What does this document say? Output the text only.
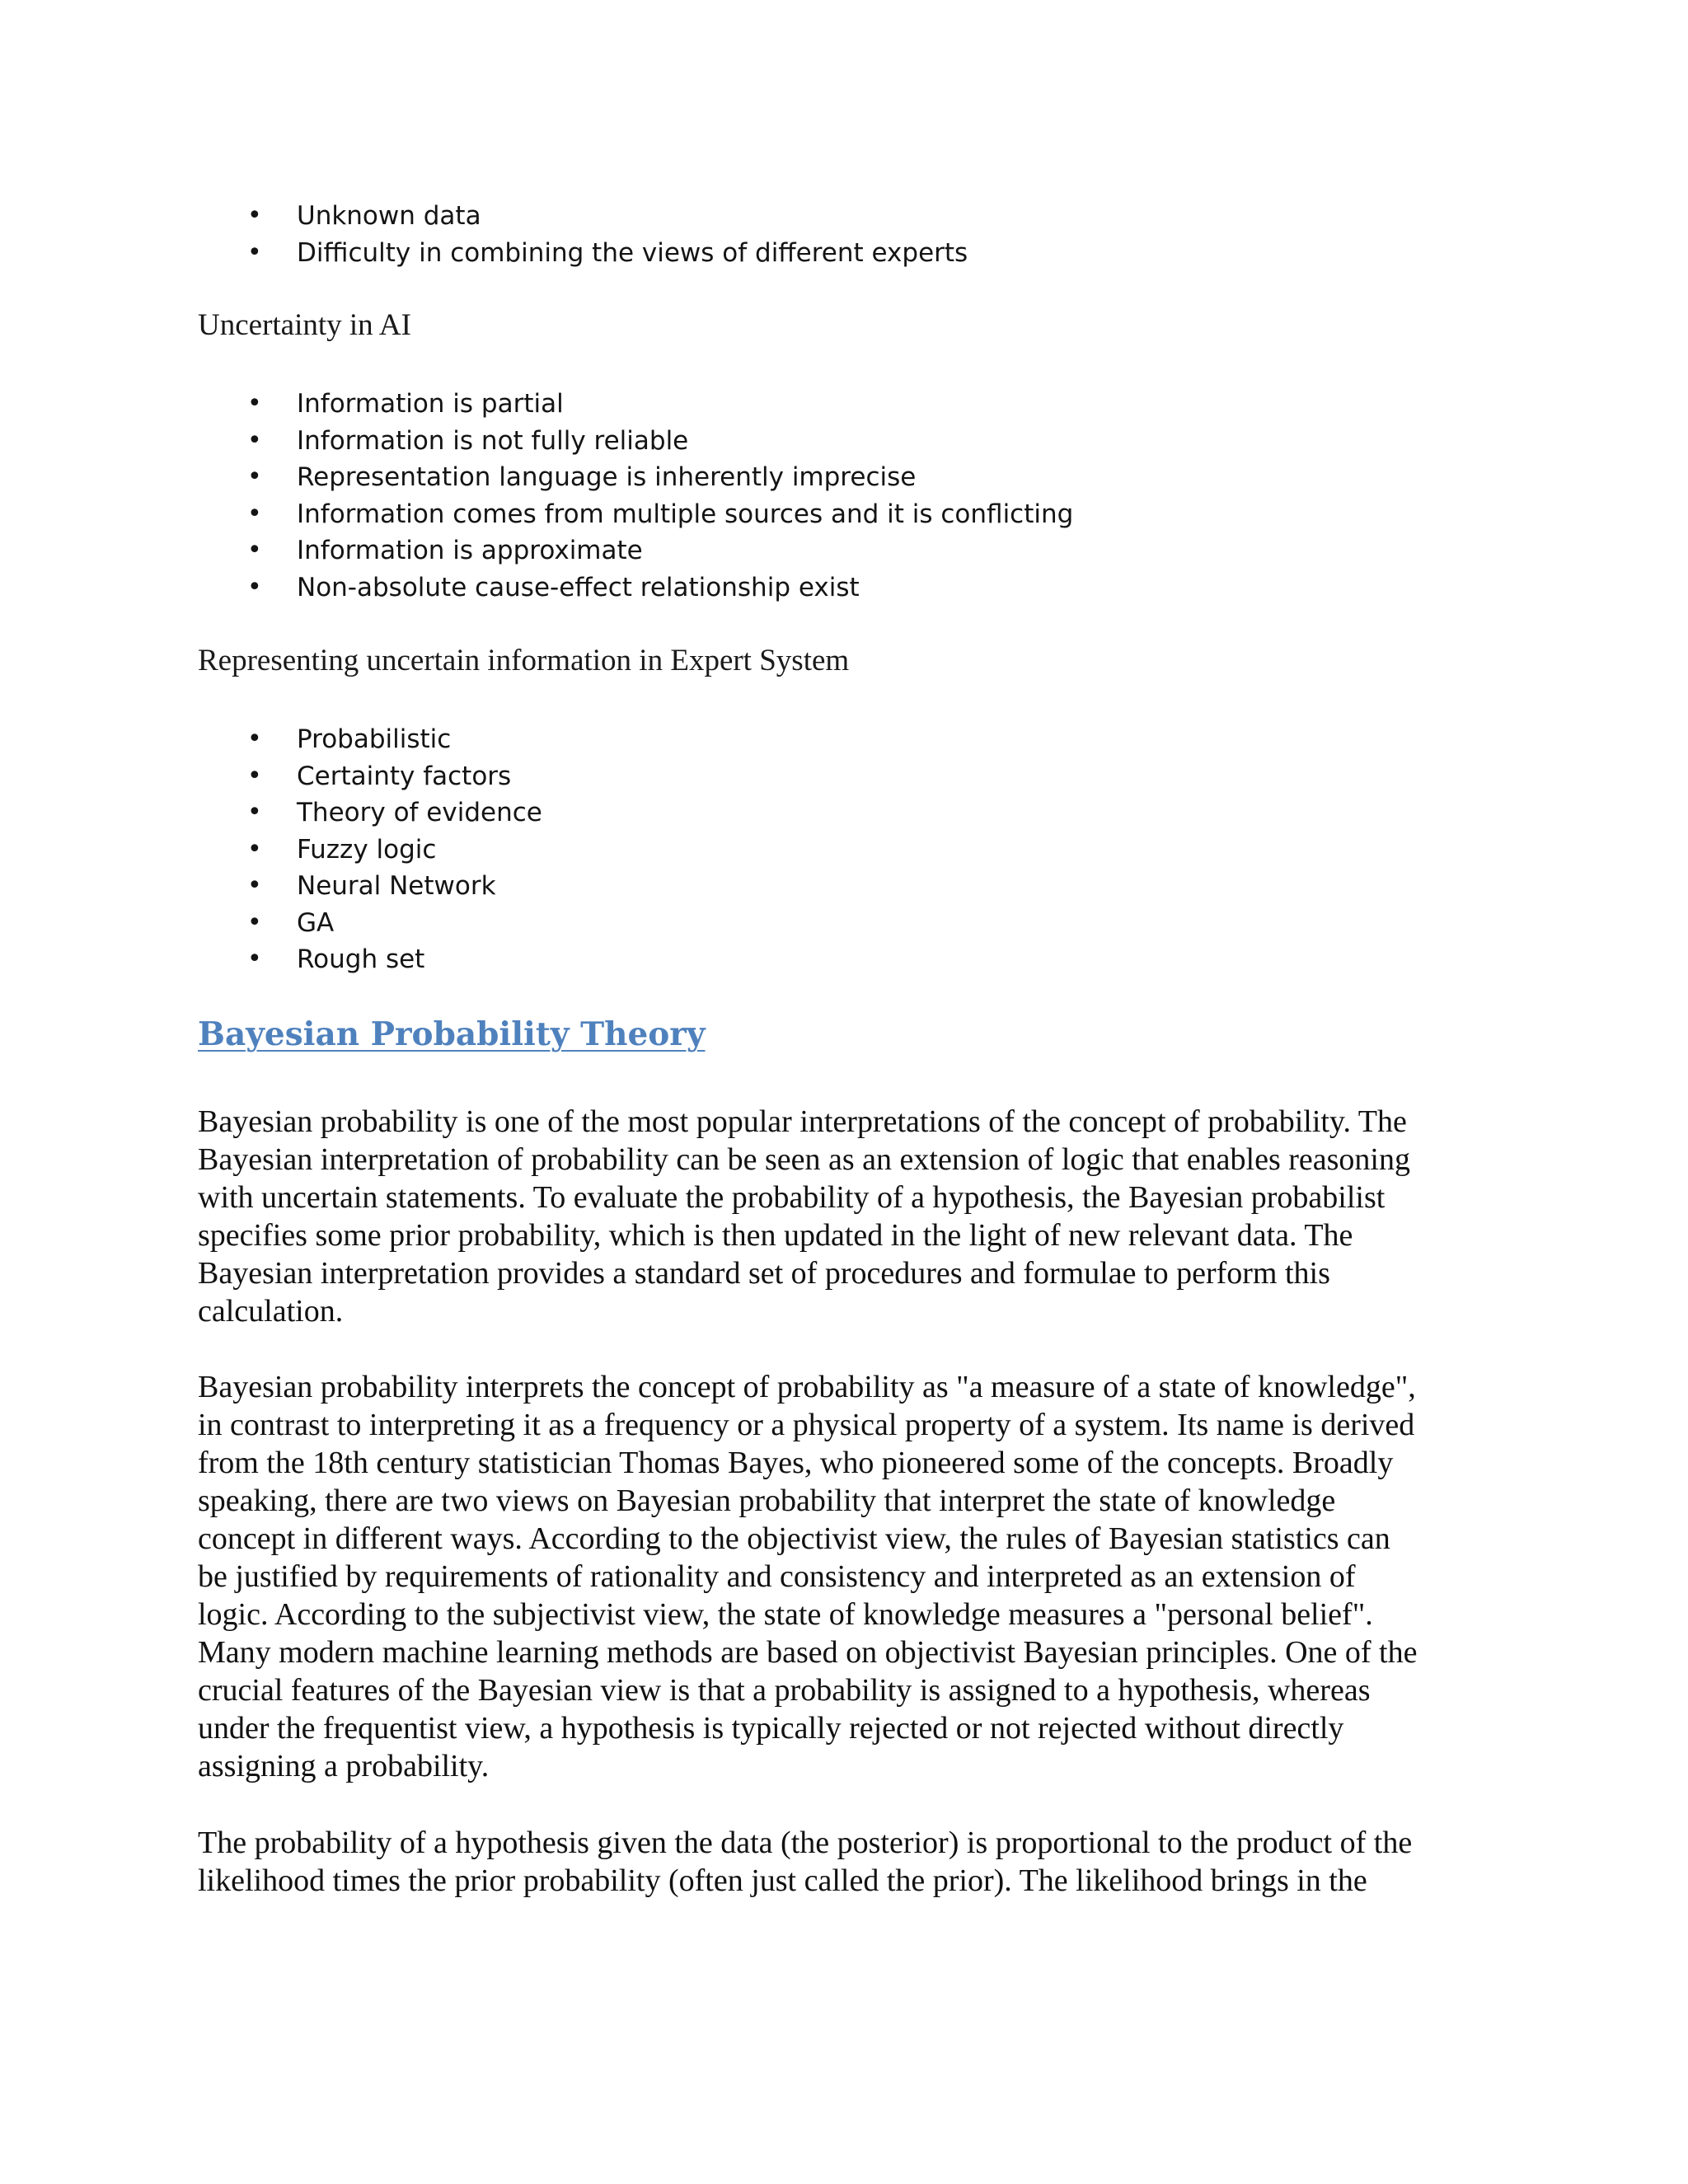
• Unknown data
• Difficulty in combining the views of different experts

Uncertainty in AI

• Information is partial
• Information is not fully reliable
• Representation language is inherently imprecise
• Information comes from multiple sources and it is conflicting
• Information is approximate
• Non-absolute cause-effect relationship exist

Representing uncertain information in Expert System

• Probabilistic
• Certainty factors
• Theory of evidence
• Fuzzy logic
• Neural Network
• GA
• Rough set
Bayesian Probability Theory

Bayesian probability is one of the most popular interpretations of the concept of probability. The
Bayesian interpretation of probability can be seen as an extension of logic that enables reasoning
with uncertain statements. To evaluate the probability of a hypothesis, the Bayesian probabilist
specifies some prior probability, which is then updated in the light of new relevant data. The
Bayesian interpretation provides a standard set of procedures and formulae to perform this
calculation.

Bayesian probability interprets the concept of probability as "a measure of a state of knowledge",
in contrast to interpreting it as a frequency or a physical property of a system. Its name is derived
from the 18th century statistician Thomas Bayes, who pioneered some of the concepts. Broadly
speaking, there are two views on Bayesian probability that interpret the state of knowledge
concept in different ways. According to the objectivist view, the rules of Bayesian statistics can
be justified by requirements of rationality and consistency and interpreted as an extension of
logic. According to the subjectivist view, the state of knowledge measures a "personal belief".
Many modern machine learning methods are based on objectivist Bayesian principles. One of the
crucial features of the Bayesian view is that a probability is assigned to a hypothesis, whereas
under the frequentist view, a hypothesis is typically rejected or not rejected without directly
assigning a probability.

The probability of a hypothesis given the data (the posterior) is proportional to the product of the
likelihood times the prior probability (often just called the prior). The likelihood brings in the
